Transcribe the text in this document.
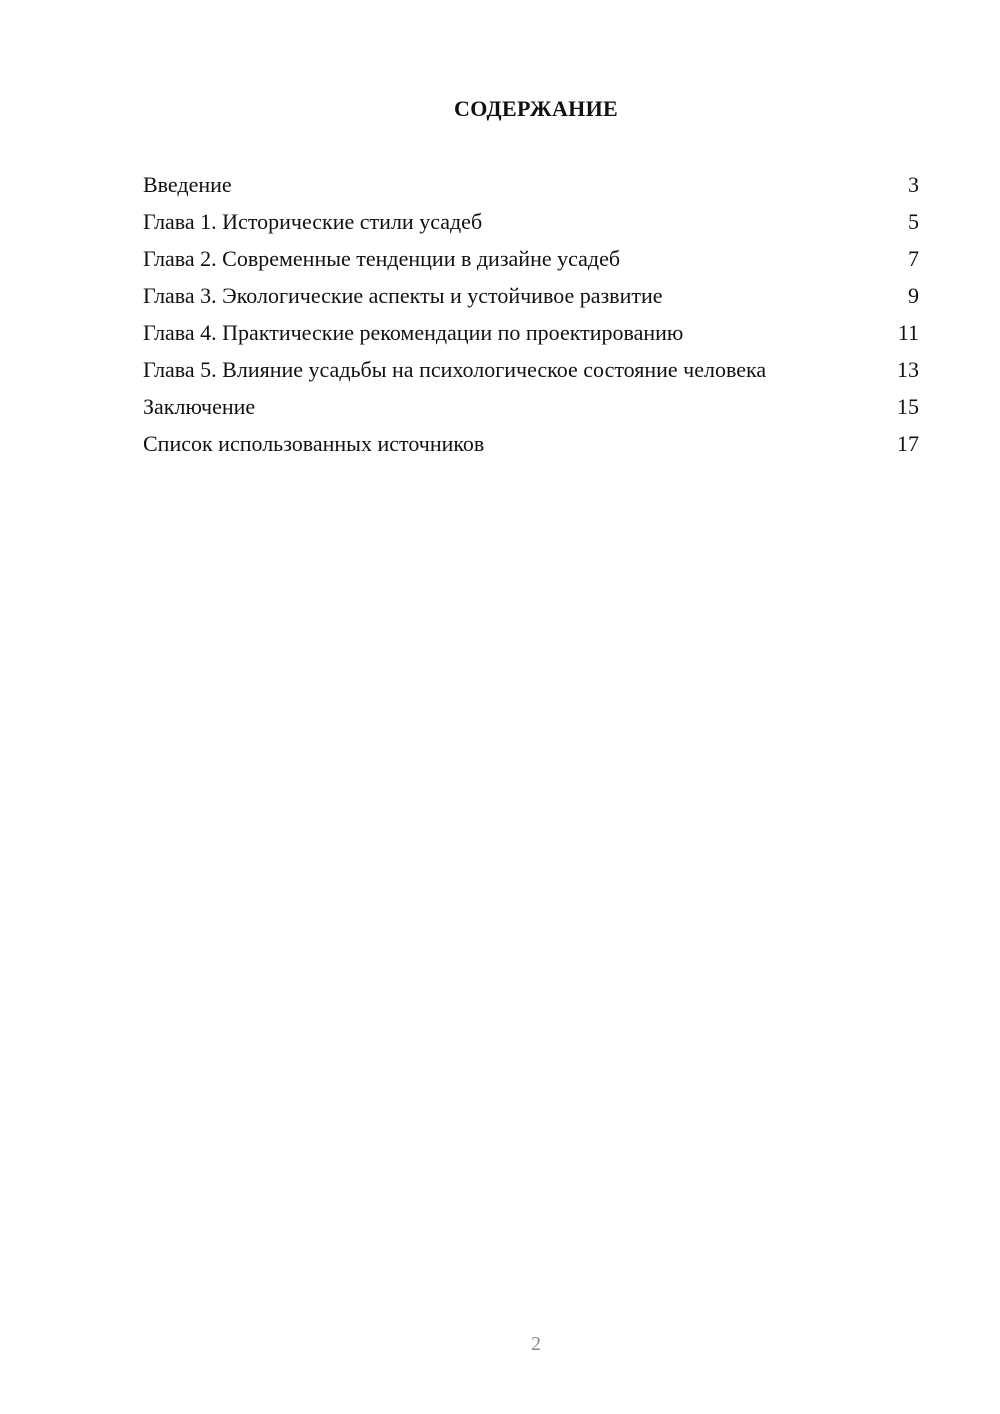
СОДЕРЖАНИЕ
Введение	3
Глава 1. Исторические стили усадеб	5
Глава 2. Современные тенденции в дизайне усадеб	7
Глава 3. Экологические аспекты и устойчивое развитие	9
Глава 4. Практические рекомендации по проектированию	11
Глава 5. Влияние усадьбы на психологическое состояние человека	13
Заключение	15
Список использованных источников	17
2
